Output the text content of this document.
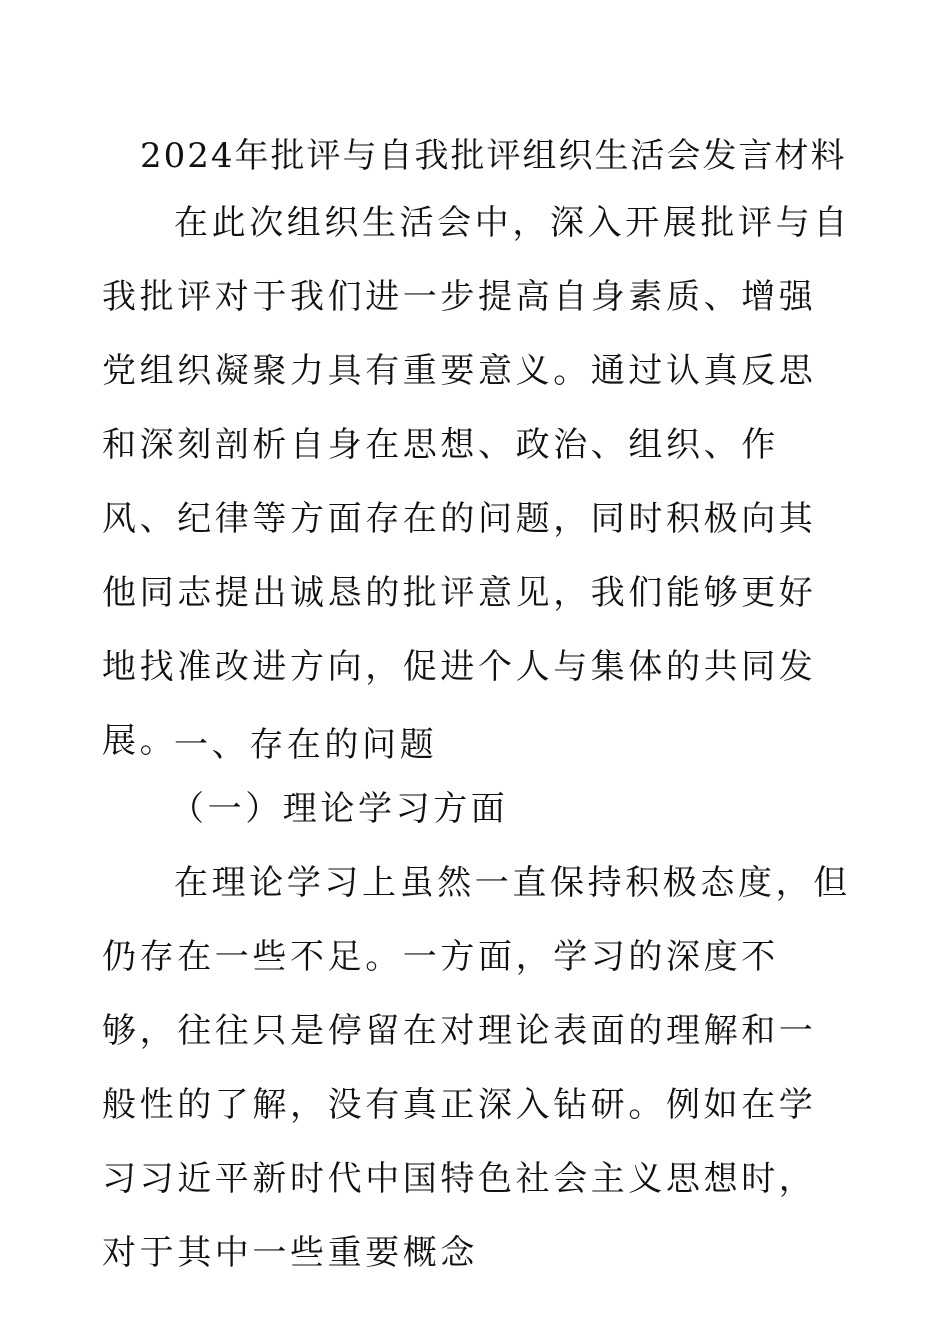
2024年批评与自我批评组织生活会发言材料
在此次组织生活会中，深入开展批评与自我批评对于我们进一步提高自身素质、增强党组织凝聚力具有重要意义。通过认真反思和深刻剖析自身在思想、政治、组织、作风、纪律等方面存在的问题，同时积极向其他同志提出诚恳的批评意见，我们能够更好地找准改进方向，促进个人与集体的共同发展。
一、存在的问题
（一）理论学习方面
在理论学习上虽然一直保持积极态度，但仍存在一些不足。一方面，学习的深度不够，往往只是停留在对理论表面的理解和一般性的了解，没有真正深入钻研。例如在学习习近平新时代中国特色社会主义思想时，对于其中一些重要概念
